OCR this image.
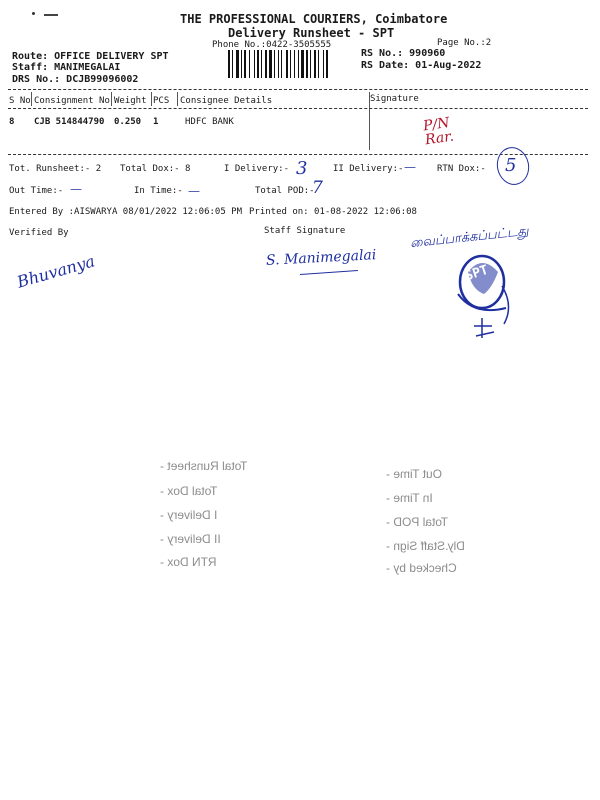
THE PROFESSIONAL COURIERS, Coimbatore
Delivery Runsheet - SPT
Phone No.:0422-3505555	Page No.:2
Route: OFFICE DELIVERY SPT
Staff: MANIMEGALAI
DRS No.: DCJB99096002
RS No.: 990960
RS Date: 01-Aug-2022
S No Consignment No Weight PCS Consignee Details	Signature
8 CJB 514844790 0.250 1	HDFC BANK	P/N Rar.
Tot. Runsheet:- 2 Total Dox:- 8	I Delivery:- 3	II Delivery:- — RTN Dox:- 5
Out Time:- —	In Time:- —	Total POD:-
7
Entered By :AISWARYA 08/01/2022 12:06:05 PM Printed on: 01-08-2022 12:06:08
Verified By	Staff Signature
Bhuvanya	S. Manimegalai
வைப்பாக்கப்பட்டது
SPT
Total Runsheet -
Total Dox -
I Delivery -
II Delivery -
RTN Dox -
Out Time -
In Time -
Total POD -
Dly.Staff Sign -
Checked by -
